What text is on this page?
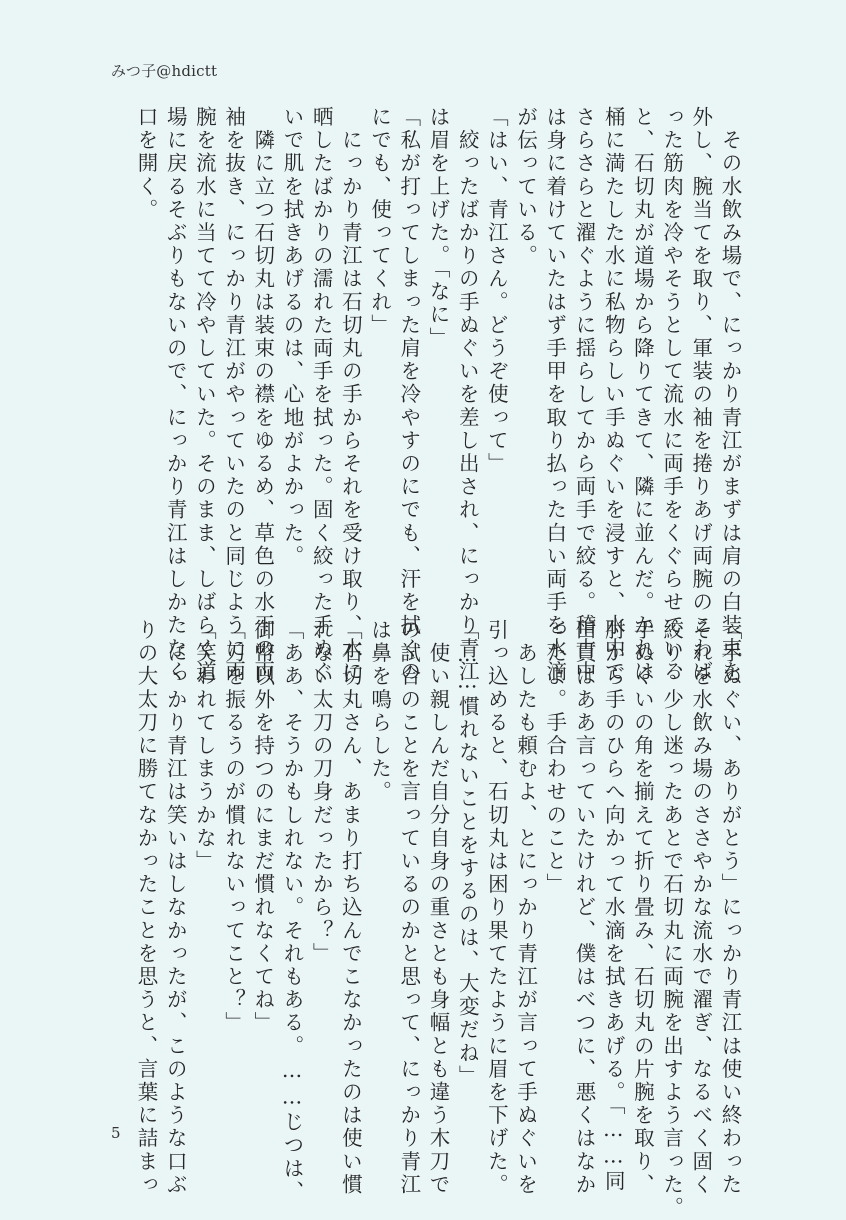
みつ子@hdictt
　その水飲み場で、にっかり青江がまずは肩の白装束を
外し、腕当てを取り、軍装の袖を捲りあげ両腕のこわば
った筋肉を冷やそうとして流水に両手をくぐらせている
と、石切丸が道場から降りてきて、隣に並んだ。かれは
桶に満たした水に私物らしい手ぬぐいを浸すと、水中で
さらさらと濯ぐように揺らしてから両手で絞る。稽古中
は身に着けていたはず手甲を取り払った白い両手を水滴
が伝っている。
「はい、青江さん。どうぞ使って」
　絞ったばかりの手ぬぐいを差し出され、にっかり青江
は眉を上げた。「なに」
「私が打ってしまった肩を冷やすのにでも、汗を拭くの
にでも、使ってくれ」
　にっかり青江は石切丸の手からそれを受け取り、水に
晒したばかりの濡れた両手を拭った。固く絞った手ぬぐ
いで肌を拭きあげるのは、心地がよかった。
　隣に立つ石切丸は装束の襟をゆるめ、草色の水干の両
袖を抜き、にっかり青江がやっていたのと同じように両
腕を流水に当てて冷やしていた。そのまま、しばらく道
場に戻るそぶりもないので、にっかり青江はしかたなく
口を開く。
「手ぬぐい、ありがとう」にっかり青江は使い終わった
それを水飲み場のささやかな流水で濯ぎ、なるべく固く
絞り、少し迷ったあとで石切丸に両腕を出すよう言った。
手ぬぐいの角を揃えて折り畳み、石切丸の片腕を取り、
肘から手のひらへ向かって水滴を拭きあげる。「……同
田貫はああ言っていたけれど、僕はべつに、悪くはなか
ったよ。手合わせのこと」
　あしたも頼むよ、とにっかり青江が言って手ぬぐいを
引っ込めると、石切丸は困り果てたように眉を下げた。
「……慣れないことをするのは、大変だね」
　使い親しんだ自分自身の重さとも身幅とも違う木刀で
の試合のことを言っているのかと思って、にっかり青江
は鼻を鳴らした。
「石切丸さん、あまり打ち込んでこなかったのは使い慣
れない太刀の刀身だったから？」
「ああ、そうかもしれない。それもある。……じつは、
御幣以外を持つのにまだ慣れなくてね」
「刀を振るうのが慣れないってこと？」
「笑われてしまうかな」
　にっかり青江は笑いはしなかったが、このような口ぶ
りの大太刀に勝てなかったことを思うと、言葉に詰まっ
5
